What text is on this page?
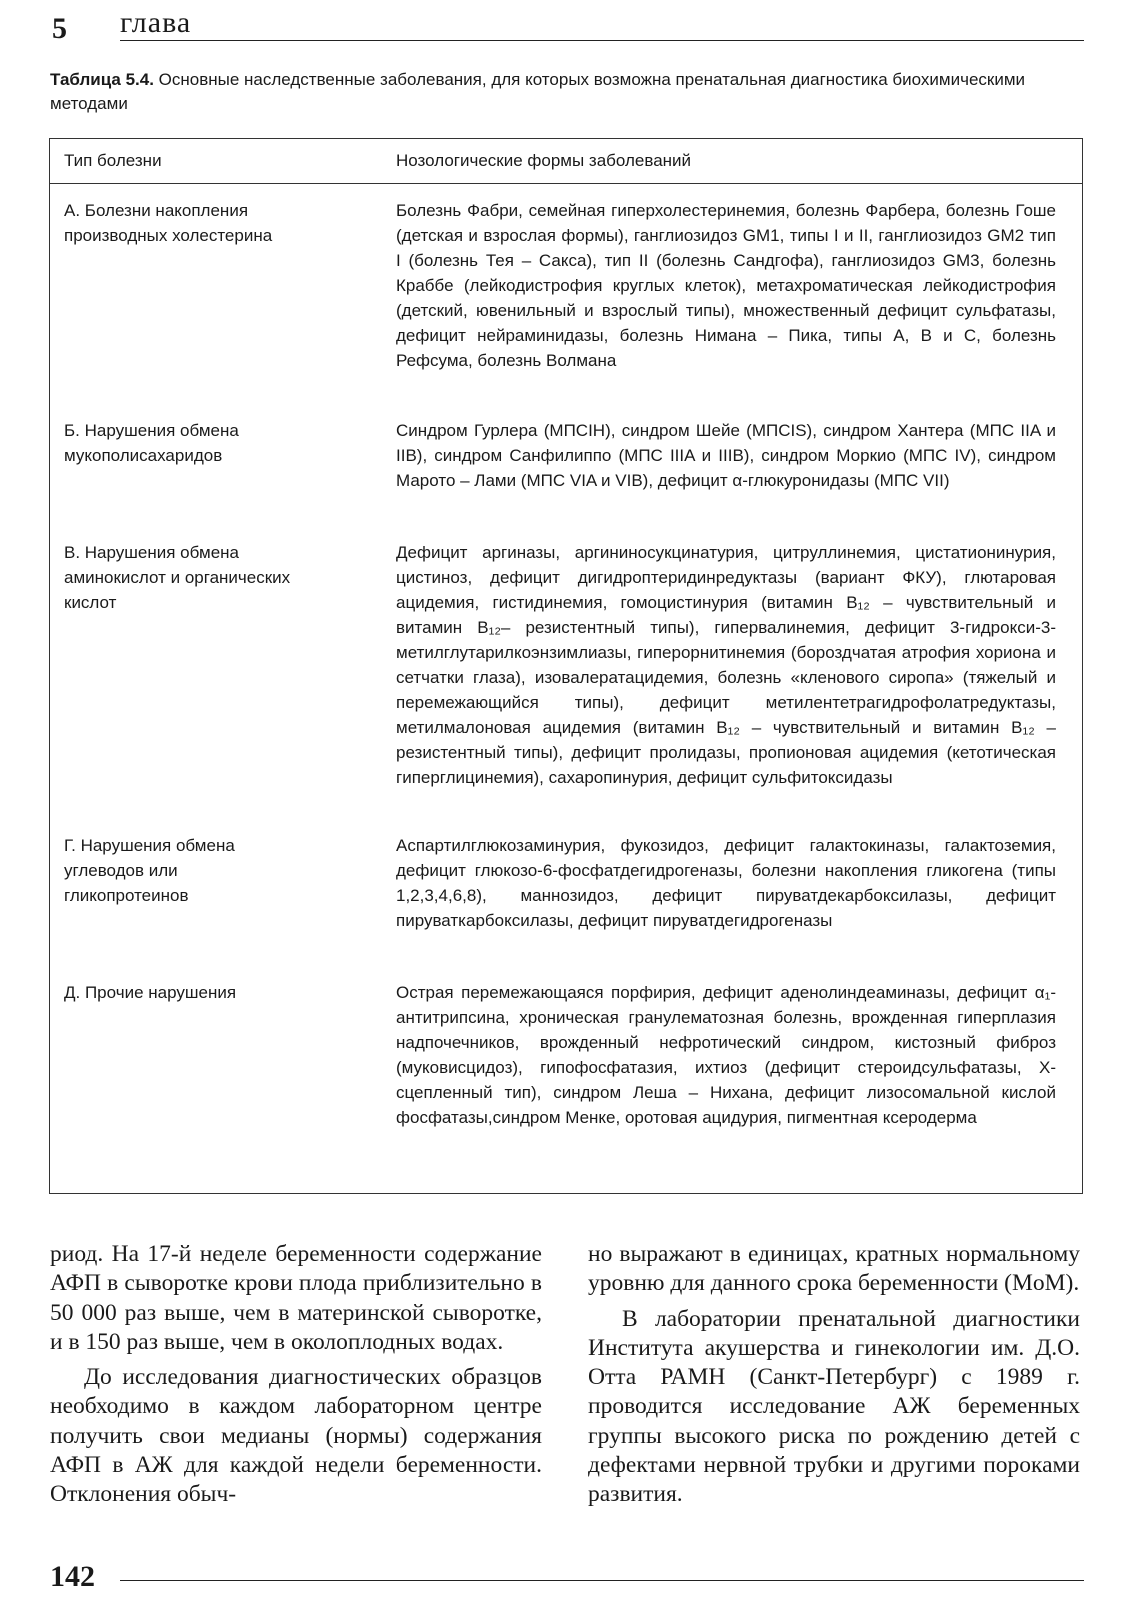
5 глава
Таблица 5.4. Основные наследственные заболевания, для которых возможна пренатальная диагностика биохимическими методами
Тип болезни	Нозологические формы заболеваний
А. Болезни накопления производных холестерина
Болезнь Фабри, семейная гиперхолестеринемия, болезнь Фарбера, болезнь Гоше (детская и взрослая формы), ганглиозидоз GM1, типы I и II, ганглиозидоз GM2 тип I (болезнь Тея – Сакса), тип II (болезнь Сандгофа), ганглиозидоз GM3, болезнь Краббе (лейкодистрофия круглых клеток), метахроматическая лейкодистрофия (детский, ювенильный и взрослый типы), множественный дефицит сульфатазы, дефицит нейраминидазы, болезнь Нимана – Пика, типы A, B и C, болезнь Рефсума, болезнь Волмана
Б. Нарушения обмена мукополисахаридов
Синдром Гурлера (МПСIH), синдром Шейе (МПСIS), синдром Хантера (МПС IIA и IIB), синдром Санфилиппо (МПС IIIA и IIIB), синдром Моркио (МПС IV), синдром Марото – Лами (МПС VIA и VIB), дефицит α-глюкуронидазы (МПС VII)
В. Нарушения обмена аминокислот и органических кислот
Дефицит аргиназы, аргининосукцинатурия, цитруллинемия, цистатионинурия, цистиноз, дефицит дигидроптеридинредуктазы (вариант ФКУ), глютаровая ацидемия, гистидинемия, гомоцистинурия (витамин B₁₂ – чувствительный и витамин B₁₂– резистентный типы), гипервалинемия, дефицит 3-гидрокси-3-метилглутарилкоэнзимлиазы, гиперорнитинемия (бороздчатая атрофия хориона и сетчатки глаза), изовалератацидемия, болезнь «кленового сиропа» (тяжелый и перемежающийся типы), дефицит метилентетрагидрофолатредуктазы, метилмалоновая ацидемия (витамин B₁₂ – чувствительный и витамин B₁₂ – резистентный типы), дефицит пролидазы, пропионовая ацидемия (кетотическая гиперглицинемия), сахаропинурия, дефицит сульфитоксидазы
Г. Нарушения обмена углеводов или гликопротеинов
Аспартилглюкозаминурия, фукозидоз, дефицит галактокиназы, галактоземия, дефицит глюкозо-6-фосфатдегидрогеназы, болезни накопления гликогена (типы 1,2,3,4,6,8), маннозидоз, дефицит пируватдекарбоксилазы, дефицит пируваткарбоксилазы, дефицит пируватдегидрогеназы
Д. Прочие нарушения	Острая перемежающаяся порфирия, дефицит аденолиндеаминазы, дефицит α₁-антитрипсина, хроническая гранулематозная болезнь, врожденная гиперплазия надпочечников, врожденный нефротический синдром, кистозный фиброз (муковисцидоз), гипофосфатазия, ихтиоз (дефицит стероидсульфатазы, X-сцепленный тип), синдром Леша – Нихана, дефицит лизосомальной кислой фосфатазы,синдром Менке, оротовая ацидурия, пигментная ксеродерма

риод. На 17-й неделе беременности содержание АФП в сыворотке крови плода приблизительно в 50 000 раз выше, чем в материнской сыворотке, и в 150 раз выше, чем в околоплодных водах.

До исследования диагностических образцов необходимо в каждом лабораторном центре получить свои медианы (нормы) содержания АФП в АЖ для каждой недели беременности. Отклонения обыч-

но выражают в единицах, кратных нормальному уровню для данного срока беременности (MoM).

В лаборатории пренатальной диагностики Института акушерства и гинекологии им. Д.О. Отта РАМН (Санкт-Петербург) с 1989 г. проводится исследование АЖ беременных группы высокого риска по рождению детей с дефектами нервной трубки и другими пороками развития.

142
